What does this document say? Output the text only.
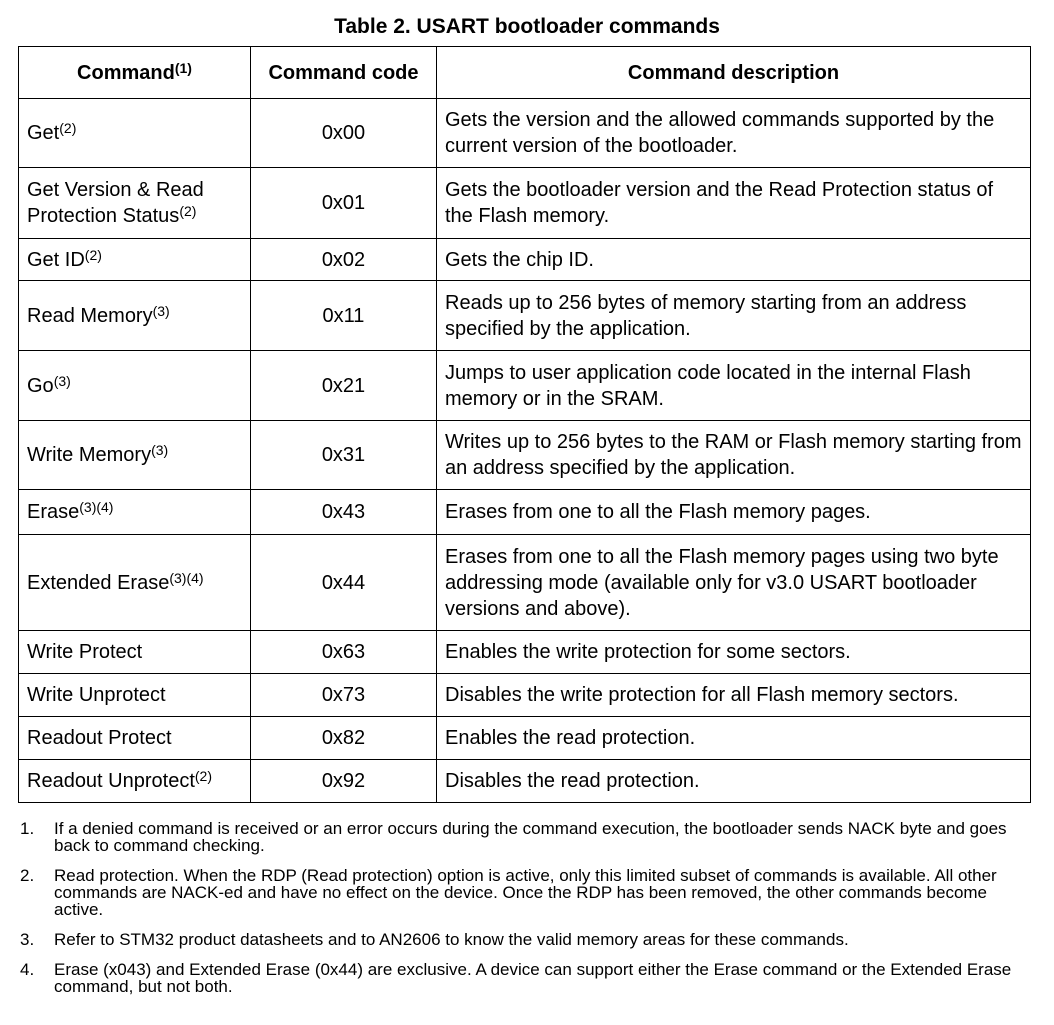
Table 2. USART bootloader commands
Command$^{(1)}$	Command code	Command description
Get$^{(2)}$	0x00	Gets the version and the allowed commands supported by the current version of the bootloader.
Get Version & Read Protection Status$^{(2)}$	0x01	Gets the bootloader version and the Read Protection status of the Flash memory.
Get ID$^{(2)}$	0x02	Gets the chip ID.
Read Memory$^{(3)}$	0x11	Reads up to 256 bytes of memory starting from an address specified by the application.
Go$^{(3)}$	0x21	Jumps to user application code located in the internal Flash memory or in the SRAM.
Write Memory$^{(3)}$	0x31	Writes up to 256 bytes to the RAM or Flash memory starting from an address specified by the application.
Erase$^{(3)(4)}$	0x43	Erases from one to all the Flash memory pages.
Extended Erase$^{(3)(4)}$	0x44	Erases from one to all the Flash memory pages using two byte addressing mode (available only for v3.0 USART bootloader versions and above).
Write Protect	0x63	Enables the write protection for some sectors.
Write Unprotect	0x73	Disables the write protection for all Flash memory sectors.
Readout Protect	0x82	Enables the read protection.
Readout Unprotect$^{(2)}$	0x92	Disables the read protection.
1.	If a denied command is received or an error occurs during the command execution, the bootloader sends NACK byte and goes back to command checking.
2.	Read protection. When the RDP (Read protection) option is active, only this limited subset of commands is available. All other commands are NACK-ed and have no effect on the device. Once the RDP has been removed, the other commands become active.
3.	Refer to STM32 product datasheets and to AN2606 to know the valid memory areas for these commands.
4.	Erase (x043) and Extended Erase (0x44) are exclusive. A device can support either the Erase command or the Extended Erase command, but not both.
